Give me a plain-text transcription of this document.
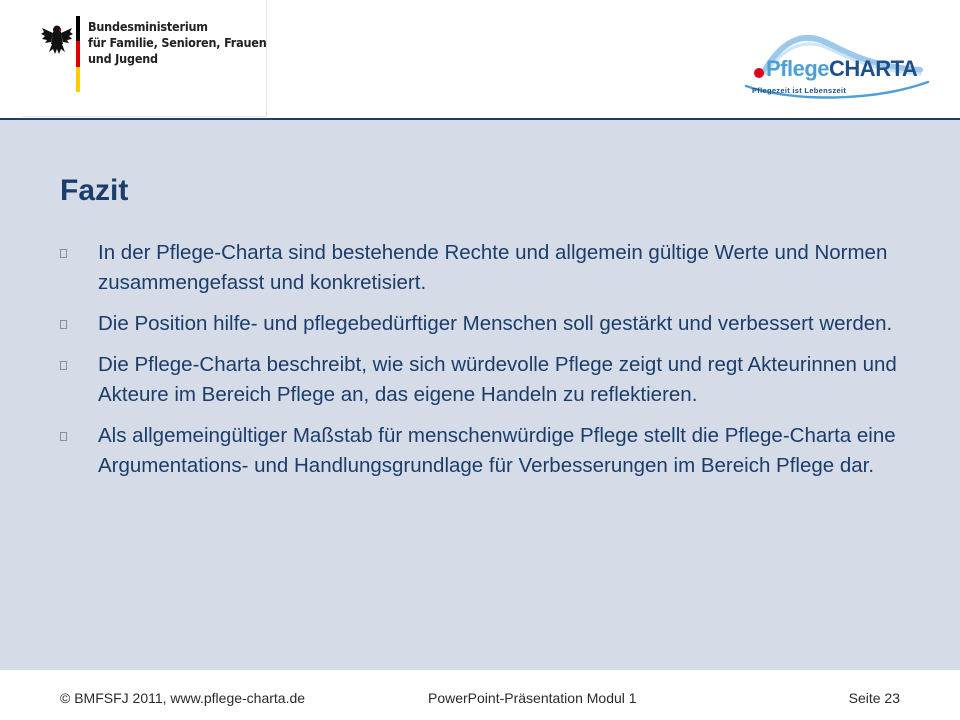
Bundesministerium
für Familie, Senioren, Frauen
und Jugend	PflegeCHARTA
Pflegezeit ist Lebenszeit
Fazit
In der Pflege-Charta sind bestehende Rechte und allgemein gültige Werte und Normen zusammengefasst und konkretisiert.
Die Position hilfe- und pflegebedürftiger Menschen soll gestärkt und verbessert werden.
Die Pflege-Charta beschreibt, wie sich würdevolle Pflege zeigt und regt Akteurinnen und Akteure im Bereich Pflege an, das eigene Handeln zu reflektieren.
Als allgemeingültiger Maßstab für menschenwürdige Pflege stellt die Pflege-Charta eine Argumentations- und Handlungsgrundlage für Verbesserungen im Bereich Pflege dar.
© BMFSFJ 2011, www.pflege-charta.de	PowerPoint-Präsentation Modul 1	Seite 23
